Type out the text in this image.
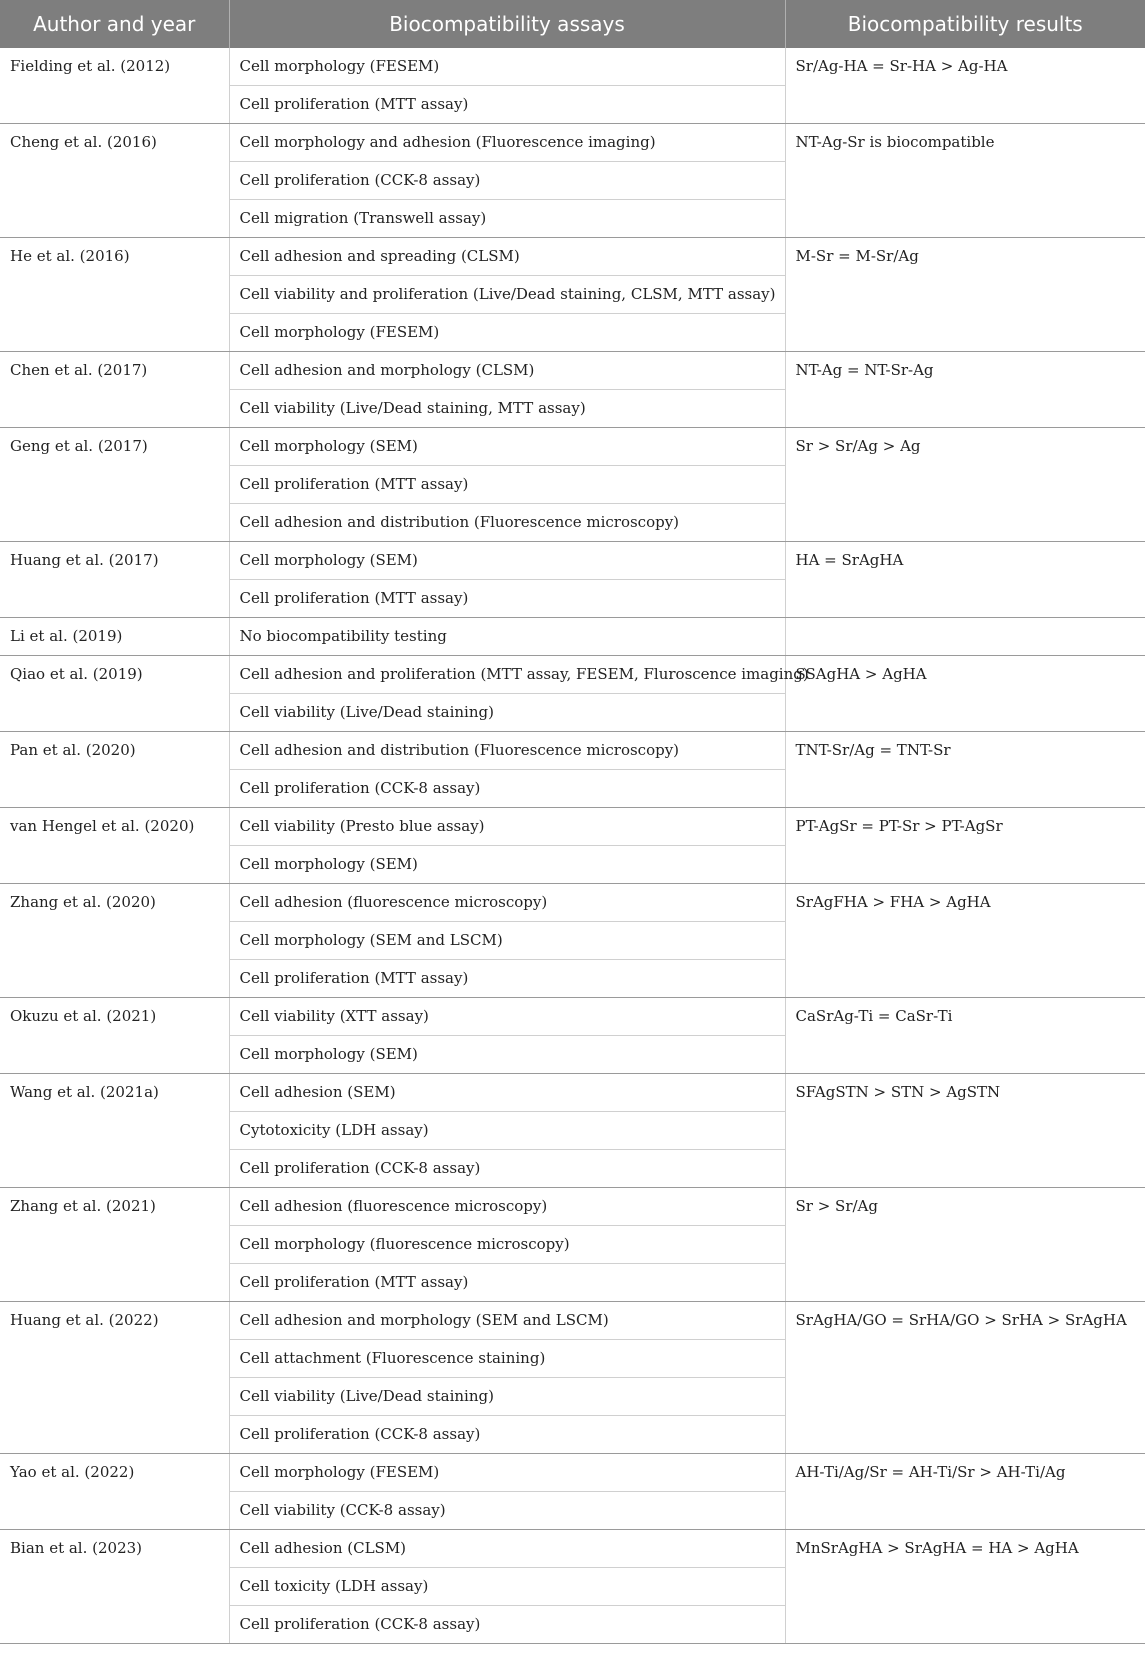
Author and year	Biocompatibility assays	Biocompatibility results
Fielding et al. (2012)	Cell morphology (FESEM)	Sr/Ag-HA = Sr-HA > Ag-HA
	Cell proliferation (MTT assay)	
Cheng et al. (2016)	Cell morphology and adhesion (Fluorescence imaging)	NT-Ag-Sr is biocompatible
	Cell proliferation (CCK-8 assay)	
	Cell migration (Transwell assay)	
He et al. (2016)	Cell adhesion and spreading (CLSM)	M-Sr = M-Sr/Ag
	Cell viability and proliferation (Live/Dead staining, CLSM, MTT assay)	
	Cell morphology (FESEM)	
Chen et al. (2017)	Cell adhesion and morphology (CLSM)	NT-Ag = NT-Sr-Ag
	Cell viability (Live/Dead staining, MTT assay)	
Geng et al. (2017)	Cell morphology (SEM)	Sr > Sr/Ag > Ag
	Cell proliferation (MTT assay)	
	Cell adhesion and distribution (Fluorescence microscopy)	
Huang et al. (2017)	Cell morphology (SEM)	HA = SrAgHA
	Cell proliferation (MTT assay)	
Li et al. (2019)	No biocompatibility testing	
Qiao et al. (2019)	Cell adhesion and proliferation (MTT assay, FESEM, Fluroscence imaging)	SSAgHA > AgHA
	Cell viability (Live/Dead staining)	
Pan et al. (2020)	Cell adhesion and distribution (Fluorescence microscopy)	TNT-Sr/Ag = TNT-Sr
	Cell proliferation (CCK-8 assay)	
van Hengel et al. (2020)	Cell viability (Presto blue assay)	PT-AgSr = PT-Sr > PT-AgSr
	Cell morphology (SEM)	
Zhang et al. (2020)	Cell adhesion (fluorescence microscopy)	SrAgFHA > FHA > AgHA
	Cell morphology (SEM and LSCM)	
	Cell proliferation (MTT assay)	
Okuzu et al. (2021)	Cell viability (XTT assay)	CaSrAg-Ti = CaSr-Ti
	Cell morphology (SEM)	
Wang et al. (2021a)	Cell adhesion (SEM)	SFAgSTN > STN > AgSTN
	Cytotoxicity (LDH assay)	
	Cell proliferation (CCK-8 assay)	
Zhang et al. (2021)	Cell adhesion (fluorescence microscopy)	Sr > Sr/Ag
	Cell morphology (fluorescence microscopy)	
	Cell proliferation (MTT assay)	
Huang et al. (2022)	Cell adhesion and morphology (SEM and LSCM)	SrAgHA/GO = SrHA/GO > SrHA > SrAgHA
	Cell attachment (Fluorescence staining)	
	Cell viability (Live/Dead staining)	
	Cell proliferation (CCK-8 assay)	
Yao et al. (2022)	Cell morphology (FESEM)	AH-Ti/Ag/Sr = AH-Ti/Sr > AH-Ti/Ag
	Cell viability (CCK-8 assay)	
Bian et al. (2023)	Cell adhesion (CLSM)	MnSrAgHA > SrAgHA = HA > AgHA
	Cell toxicity (LDH assay)	
	Cell proliferation (CCK-8 assay)	
